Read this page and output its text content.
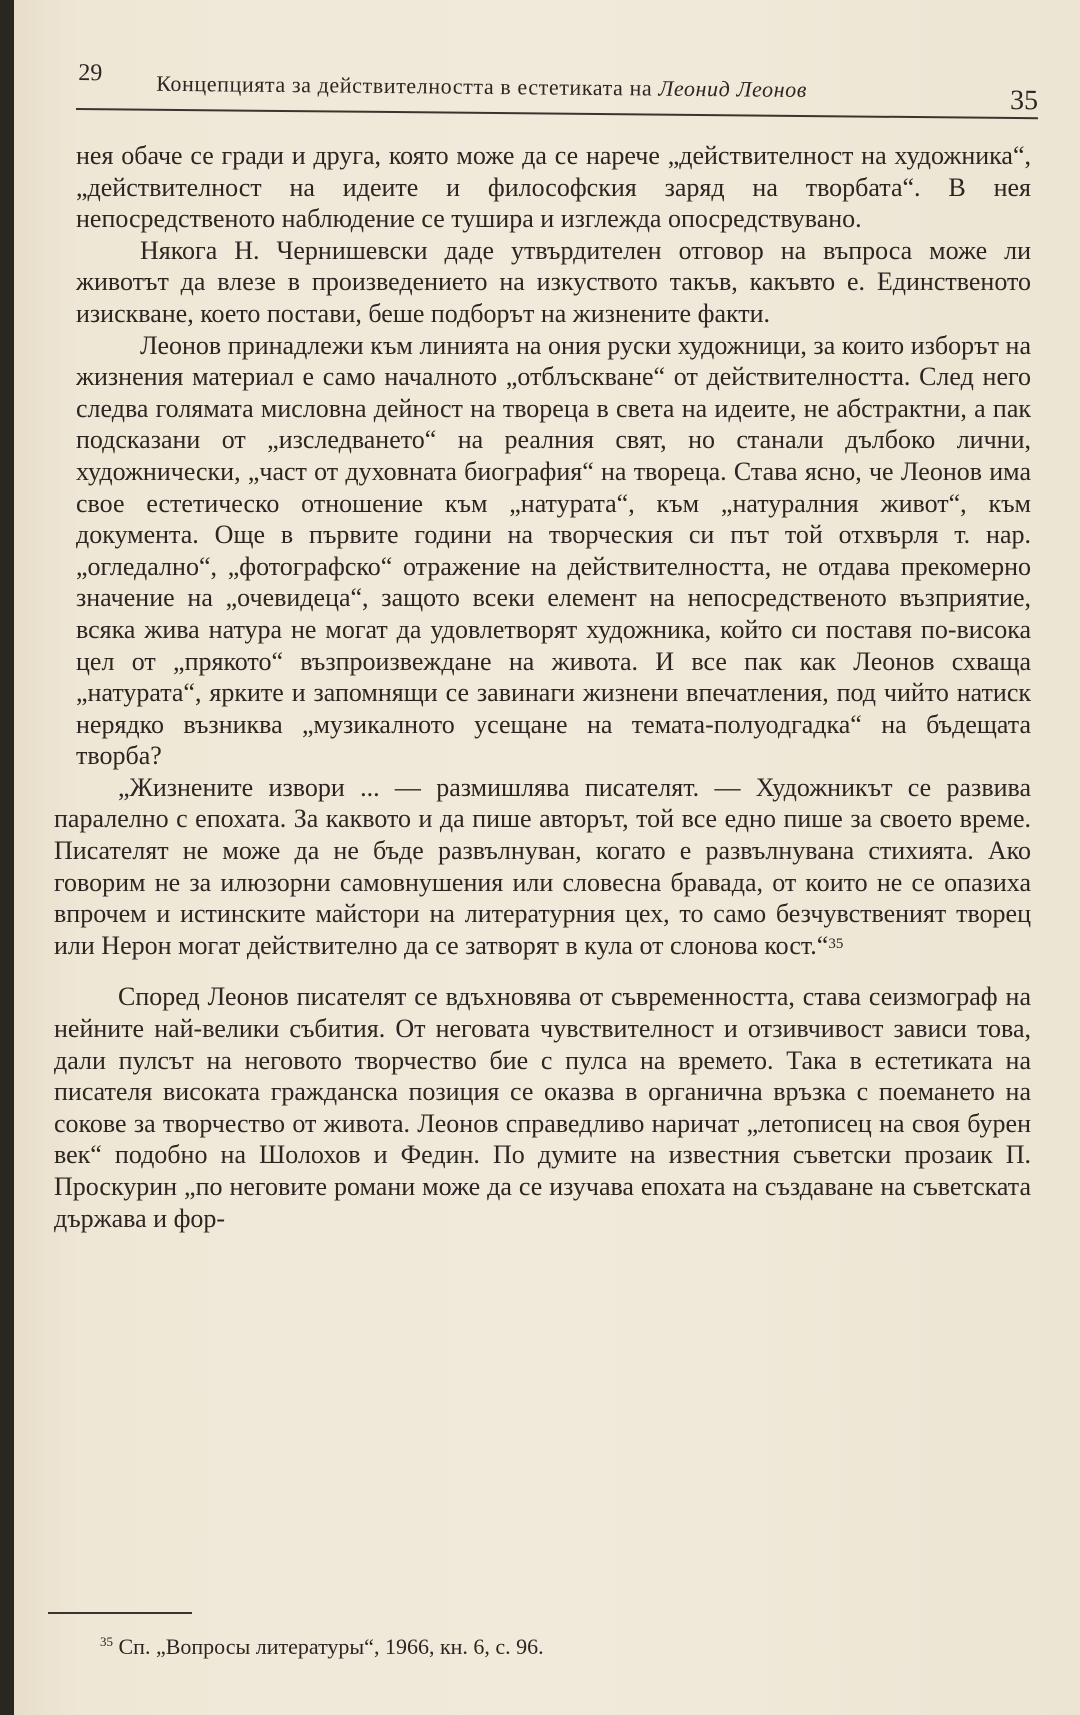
29 Концепцията за действителността в естетиката на Леонид Леонов	35

нея обаче се гради и друга, която може да се нарече „действителност на художника“, „действителност на идеите и философския заряд на творбата“. В нея непосредственото наблюдение се тушира и изглежда опосредствувано.

Някога Н. Чернишевски даде утвърдителен отговор на въпроса може ли животът да влезе в произведението на изкуството такъв, какъвто е. Единственото изискване, което постави, беше подборът на жизнените факти.

Леонов принадлежи към линията на ония руски художници, за които изборът на жизнения материал е само началното „отблъскване“ от действителността. След него следва голямата мисловна дейност на твореца в света на идеите, не абстрактни, а пак подсказани от „изследването“ на реалния свят, но станали дълбоко лични, художнически, „част от духовната биография“ на твореца. Става ясно, че Леонов има свое естетическо отношение към „натурата“, към „натуралния живот“, към документа. Още в първите години на творческия си път той отхвърля т. нар. „огледално“, „фотографско“ отражение на действителността, не отдава прекомерно значение на „очевидеца“, защото всеки елемент на непосредственото възприятие, всяка жива натура не могат да удовлетворят художника, който си поставя по-висока цел от „прякото“ възпроизвеждане на живота. И все пак как Леонов схваща „натурата“, ярките и запомнящи се завинаги жизнени впечатления, под чийто натиск нерядко възниква „музикалното усещане на темата-полуодгадка“ на бъдещата творба?

„Жизнените извори ... — размишлява писателят. — Художникът се развива паралелно с епохата. За каквото и да пише авторът, той все едно пише за своето време. Писателят не може да не бъде развълнуван, когато е развълнувана стихията. Ако говорим не за илюзорни самовнушения или словесна бравада, от които не се опазиха впрочем и истинските майстори на литературния цех, то само безчувственият творец или Нерон могат действително да се затворят в кула от слонова кост.“$^{35}$

Според Леонов писателят се вдъхновява от съвременността, става сеизмограф на нейните най-велики събития. От неговата чувствителност и отзивчивост зависи това, дали пулсът на неговото творчество бие с пулса на времето. Така в естетиката на писателя високата гражданска позиция се оказва в органична връзка с поемането на сокове за творчество от живота. Леонов справедливо наричат „летописец на своя бурен век“ подобно на Шолохов и Федин. По думите на известния съветски прозаик П. Проскурин „по неговите романи може да се изучава епохата на създаване на съветската държава и фор-

$^{35}$ Сп. „Вопросы литературы“, 1966, кн. 6, с. 96.
